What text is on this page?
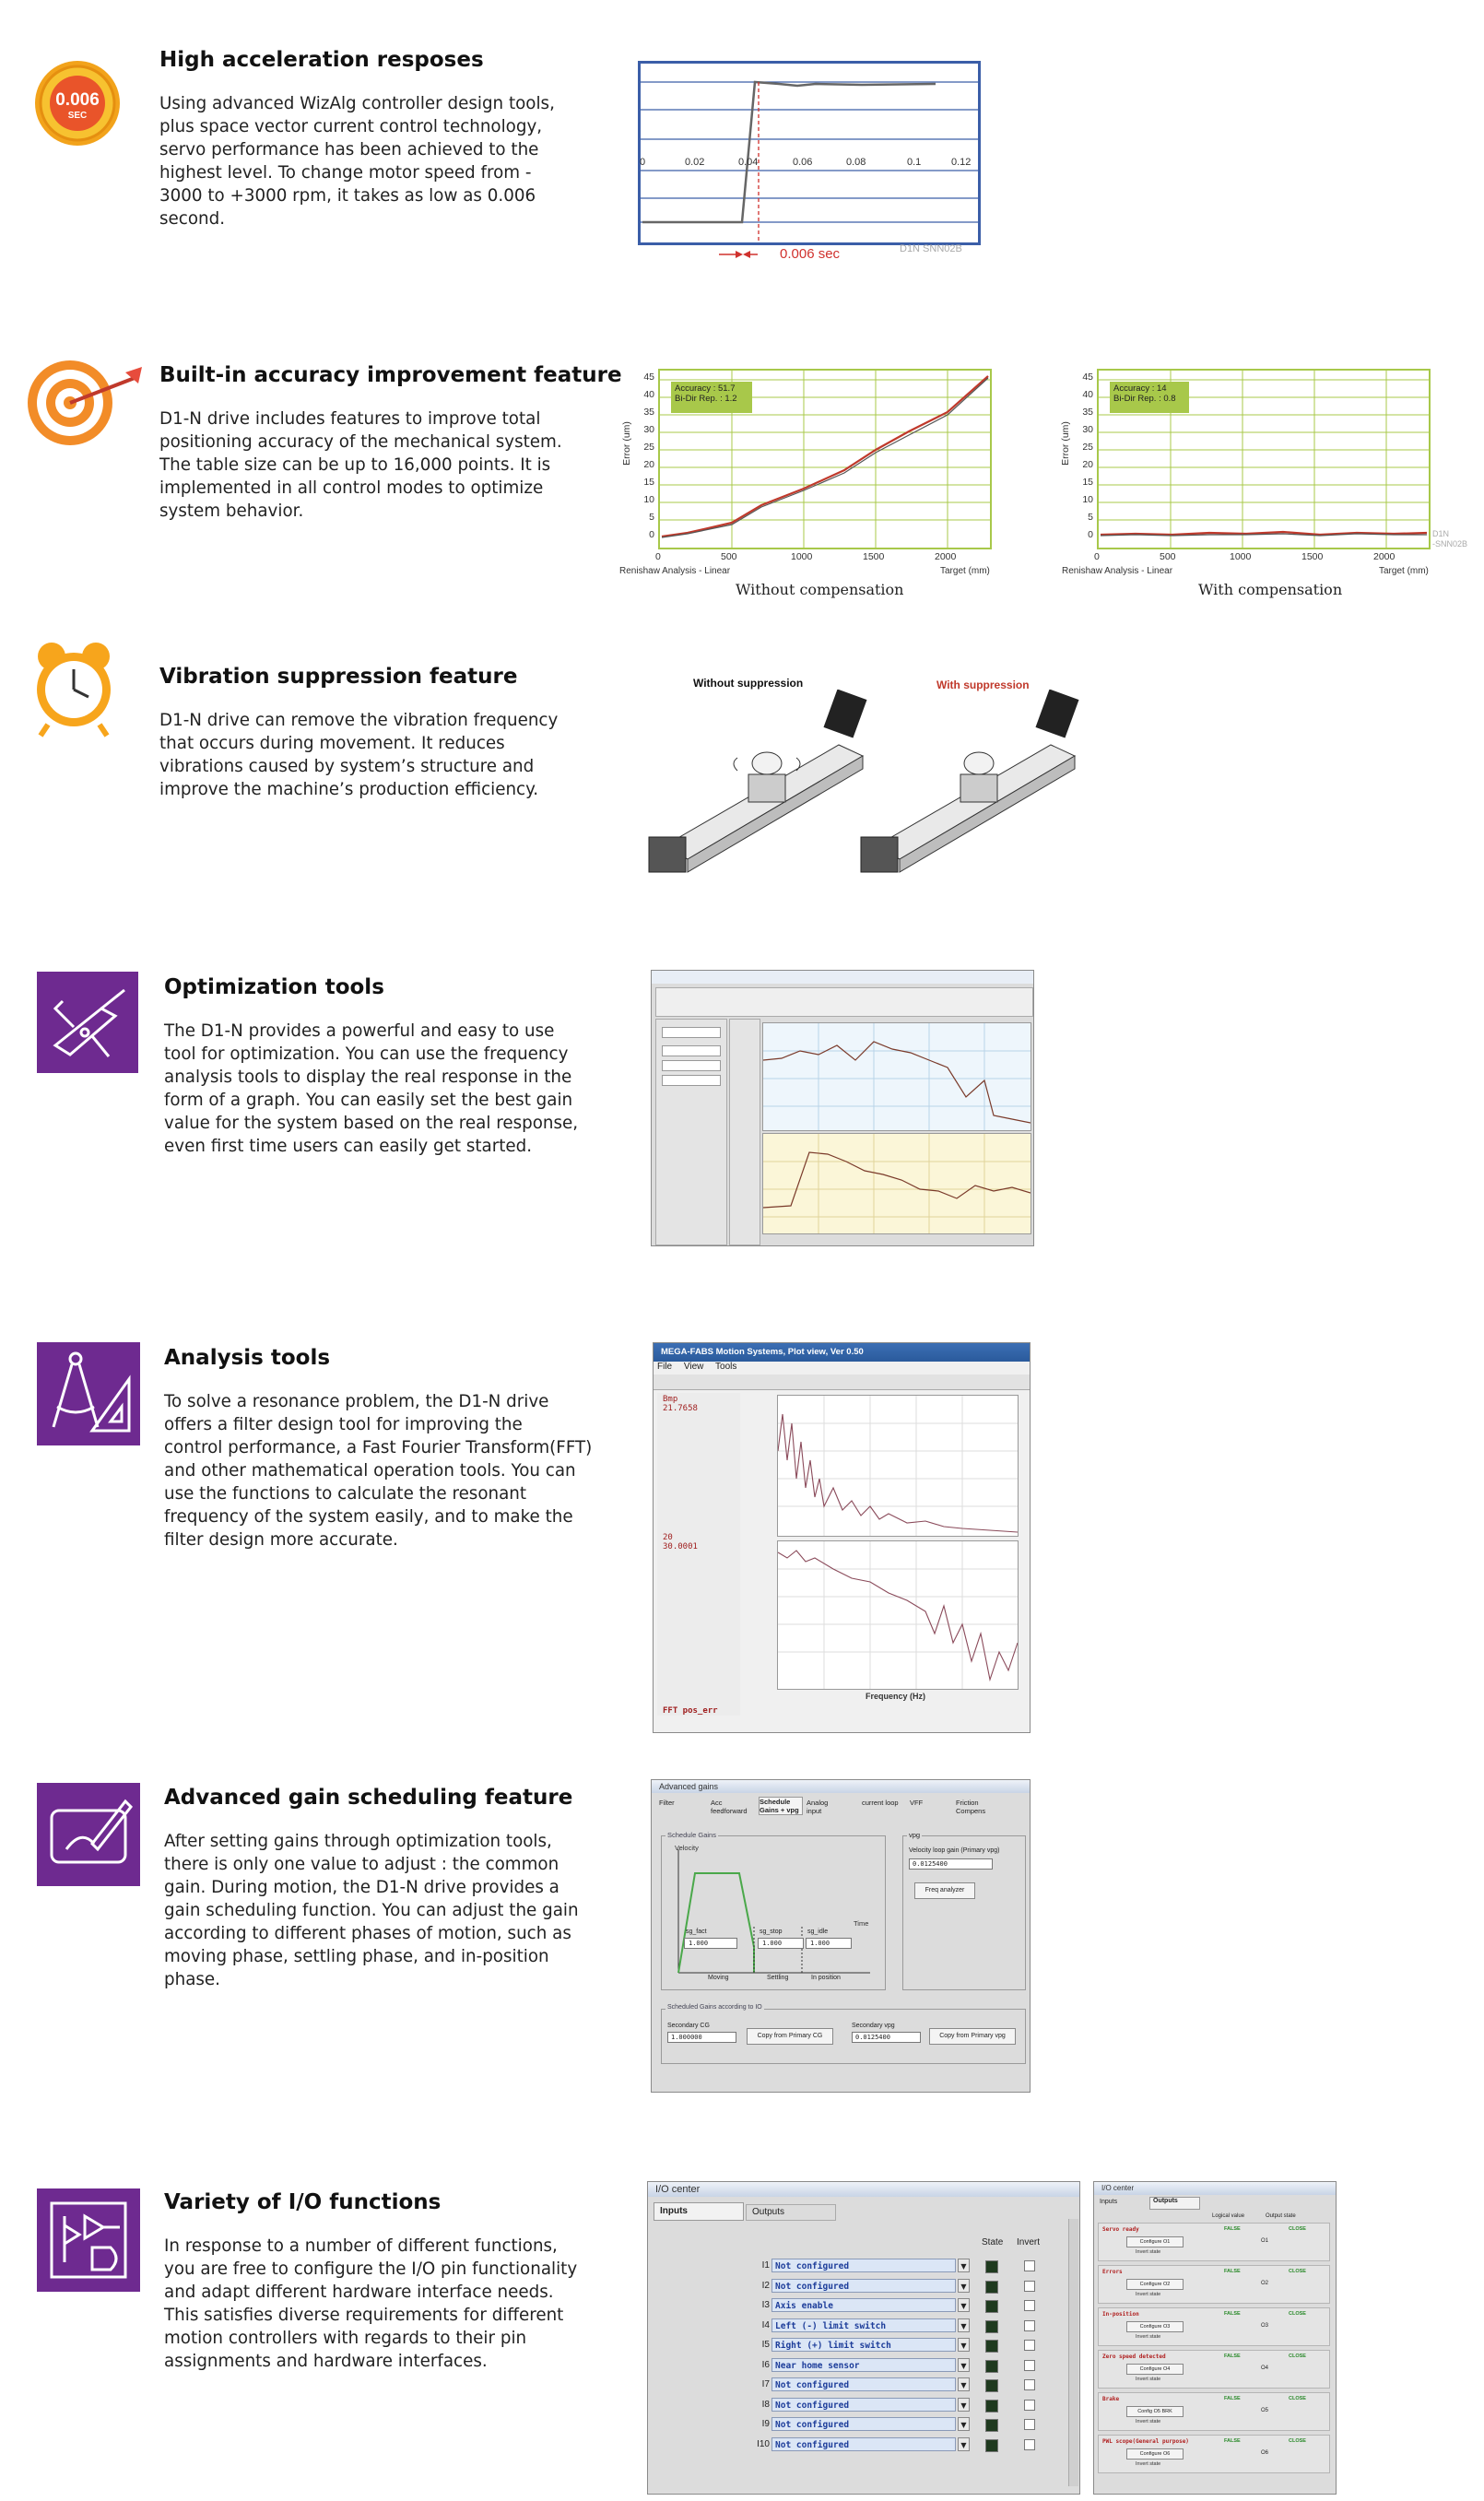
0.006
SEC
High acceleration resposes
Using advanced WizAlg controller design tools,
plus space vector current control technology,
servo performance has been achieved to the
highest level. To change motor speed from -
3000 to +3000 rpm, it takes as low as 0.006
second.
Built-in accuracy improvement feature
D1-N drive includes features to improve total
positioning accuracy of the mechanical system.
The table size can be up to 16,000 points. It is
implemented in all control modes to optimize
system behavior.
Vibration suppression feature
D1-N drive can remove the vibration frequency
that occurs during movement. It reduces
vibrations caused by system’s structure and
improve the machine’s production efficiency.
Optimization tools
The D1-N provides a powerful and easy to use
tool for optimization. You can use the frequency
analysis tools to display the real response in the
form of a graph. You can easily set the best gain
value for the system based on the real response,
even first time users can easily get started.
Analysis tools
To solve a resonance problem, the D1-N drive
offers a filter design tool for improving the
control performance, a Fast Fourier Transform(FFT)
and other mathematical operation tools. You can
use the functions to calculate the resonant
frequency of the system easily, and to make the
filter design more accurate.
Advanced gain scheduling feature
After setting gains through optimization tools,
there is only one value to adjust : the common
gain. During motion, the D1-N drive provides a
gain scheduling function. You can adjust the gain
according to different phases of motion, such as
moving phase, settling phase, and in-position
phase.
Variety of I/O functions
In response to a number of different functions,
you are free to configure the I/O pin functionality
and adapt different hardware interface needs.
This satisfies diverse requirements for different
motion controllers with regards to their pin
assignments and hardware interfaces.
0	0.02	0.04	0.06	0.08	0.1	0.12
0.006 sec	D1N SNN02B
Accuracy : 51.7
Bi-Dir Rep. : 1.2
45
40
35
30
25
20
15
10
5
0
Error (um)
0	500	1000	1500	2000
Renishaw Analysis - Linear	Target (mm)
Without compensation
Accuracy : 14
Bi-Dir Rep. : 0.8
45
40
35
30
25
20
15
10
5
0
Error (um)
D1N
-SNN02B
0	500	1000	1500	2000
Renishaw Analysis - Linear	Target (mm)
With compensation
Without suppression	With suppression
MEGA-FABS Motion Systems, Plot view, Ver 0.50
File View Tools
Bmp
21.7658
20
30.0001
Frequency (Hz)
FFT pos_err
Advanced gains
Filter	Acc feedforward
Schedule Gains + vpg
Analog input
current loop VFF	Friction Compens
Schedule Gains
Velocity
Time
sg_fact
1.000
sg_stop
1.000
sg_idle
1.000
Moving	Settling	In position
vpg
Velocity loop gain (Primary vpg)
0.0125400
Freq analyzer
Scheduled Gains according to IO
Secondary CG
1.000000	Copy from Primary CG
Secondary vpg
0.0125400	Copy from Primary vpg
I/O center
Inputs	Outputs
State Invert
I1 Not configured	▼
I2 Not configured	▼
I3 Axis enable	▼
I4 Left (-) limit switch	▼
I5 Right (+) limit switch	▼
I6 Near home sensor	▼
I7 Not configured	▼
I8 Not configured	▼
I9 Not configured	▼
I10 Not configured	▼
I/O center
Inputs	Outputs
Logical value	Output state
Servo ready
Configure O1	O1
FALSE	CLOSE
Invert state
Errors
Configure O2	O2
FALSE	CLOSE
Invert state
In-position
Configure O3	O3
FALSE	CLOSE
Invert state
Zero speed detected
Configure O4	O4
FALSE	CLOSE
Invert state
Brake
Config O5 BRK	O5
FALSE	CLOSE
Invert state
PWL scope(General purpose)
Configure O6	O6
FALSE	CLOSE
Invert state
